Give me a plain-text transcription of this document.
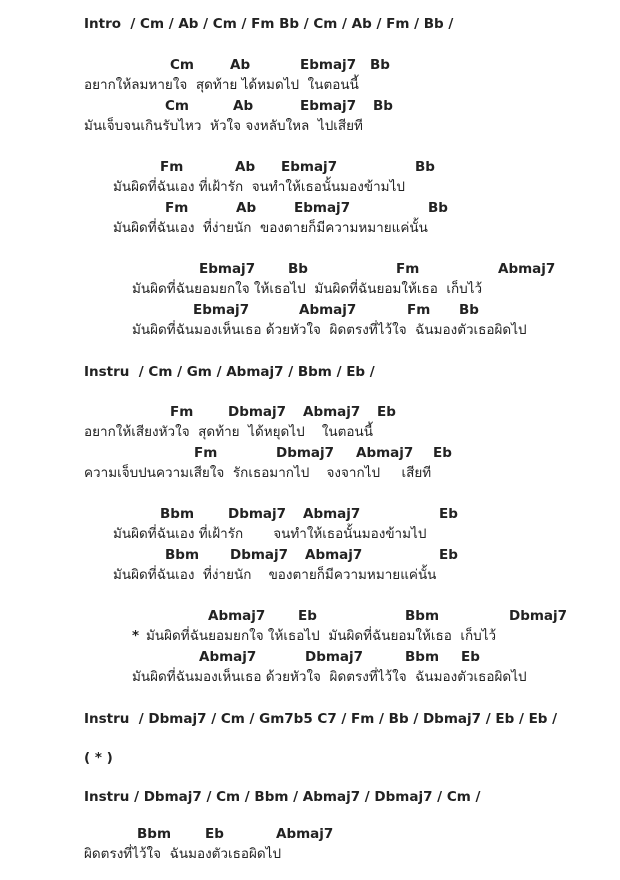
Intro  / Cm / Ab / Cm / Fm Bb / Cm / Ab / Fm / Bb /
Cm	Ab	Ebmaj7 Bb
อยากให้ลมหายใจ  สุดท้าย ได้หมดไป  ในตอนนี้
Cm	Ab	Ebmaj7 Bb
มันเจ็บจนเกินรับไหว  หัวใจ จงหลับใหล  ไปเสียที
Fm	Ab Ebmaj7	Bb
มันผิดที่ฉันเอง ที่เฝ้ารัก  จนทำให้เธอนั้นมองข้ามไป
Fm	Ab	Ebmaj7	Bb
มันผิดที่ฉันเอง  ที่ง่ายนัก  ของตายก็มีความหมายแค่นั้น
Ebmaj7 Bb	Fm	Abmaj7
มันผิดที่ฉันยอมยกใจ ให้เธอไป  มันผิดที่ฉันยอมให้เธอ  เก็บไว้
Ebmaj7	Abmaj7	Fm Bb
มันผิดที่ฉันมองเห็นเธอ ด้วยหัวใจ  ผิดตรงที่ไว้ใจ  ฉันมองตัวเธอผิดไป
Instru  / Cm / Gm / Abmaj7 / Bbm / Eb /
Fm	Dbmaj7 Abmaj7 Eb
อยากให้เสียงหัวใจ  สุดท้าย  ได้หยุดไป    ในตอนนี้
Fm	Dbmaj7 Abmaj7 Eb
ความเจ็บปนความเสียใจ  รักเธอมากไป    จงจากไป     เสียที
Bbm	Dbmaj7 Abmaj7	Eb
มันผิดที่ฉันเอง ที่เฝ้ารัก       จนทำให้เธอนั้นมองข้ามไป
Bbm Dbmaj7 Abmaj7	Eb
มันผิดที่ฉันเอง  ที่ง่ายนัก    ของตายก็มีความหมายแค่นั้น
Abmaj7 Eb	Bbm	Dbmaj7
* มันผิดที่ฉันยอมยกใจ ให้เธอไป  มันผิดที่ฉันยอมให้เธอ  เก็บไว้
Abmaj7	Dbmaj7	Bbm Eb
มันผิดที่ฉันมองเห็นเธอ ด้วยหัวใจ  ผิดตรงที่ไว้ใจ  ฉันมองตัวเธอผิดไป
Instru  / Dbmaj7 / Cm / Gm7b5 C7 / Fm / Bb / Dbmaj7 / Eb / Eb /
( * )
Instru / Dbmaj7 / Cm / Bbm / Abmaj7 / Dbmaj7 / Cm /
Bbm	Eb	Abmaj7
ผิดตรงที่ไว้ใจ  ฉันมองตัวเธอผิดไป
